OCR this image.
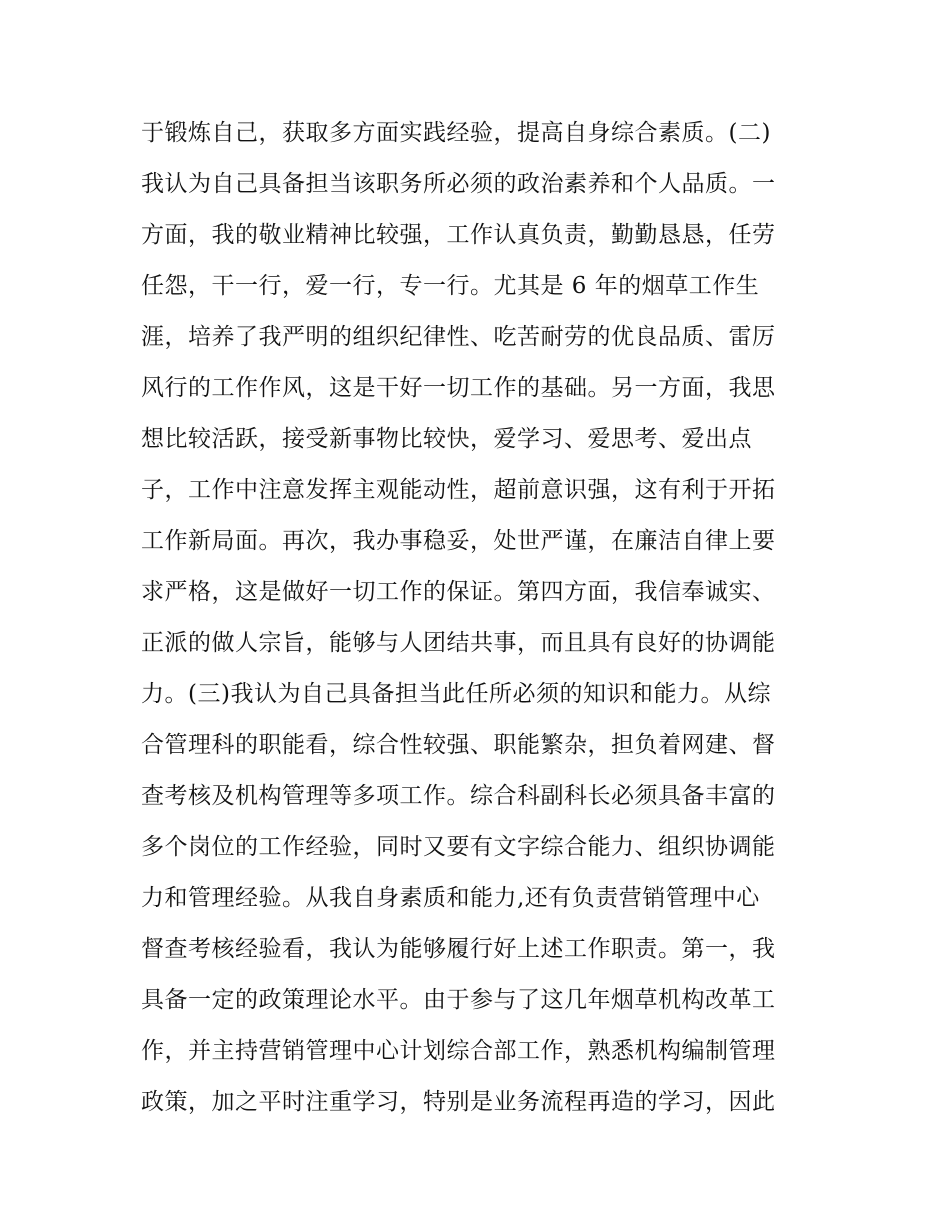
于锻炼自己，获取多方面实践经验，提高自身综合素质。(二)
我认为自己具备担当该职务所必须的政治素养和个人品质。一
方面，我的敬业精神比较强，工作认真负责，勤勤恳恳，任劳
任怨，干一行，爱一行，专一行。尤其是 6 年的烟草工作生
涯，培养了我严明的组织纪律性、吃苦耐劳的优良品质、雷厉
风行的工作作风，这是干好一切工作的基础。另一方面，我思
想比较活跃，接受新事物比较快，爱学习、爱思考、爱出点
子，工作中注意发挥主观能动性，超前意识强，这有利于开拓
工作新局面。再次，我办事稳妥，处世严谨，在廉洁自律上要
求严格，这是做好一切工作的保证。第四方面，我信奉诚实、
正派的做人宗旨，能够与人团结共事，而且具有良好的协调能
力。(三)我认为自己具备担当此任所必须的知识和能力。从综
合管理科的职能看，综合性较强、职能繁杂，担负着网建、督
查考核及机构管理等多项工作。综合科副科长必须具备丰富的
多个岗位的工作经验，同时又要有文字综合能力、组织协调能
力和管理经验。从我自身素质和能力,还有负责营销管理中心
督查考核经验看，我认为能够履行好上述工作职责。第一，我
具备一定的政策理论水平。由于参与了这几年烟草机构改革工
作，并主持营销管理中心计划综合部工作，熟悉机构编制管理
政策，加之平时注重学习，特别是业务流程再造的学习，因此
